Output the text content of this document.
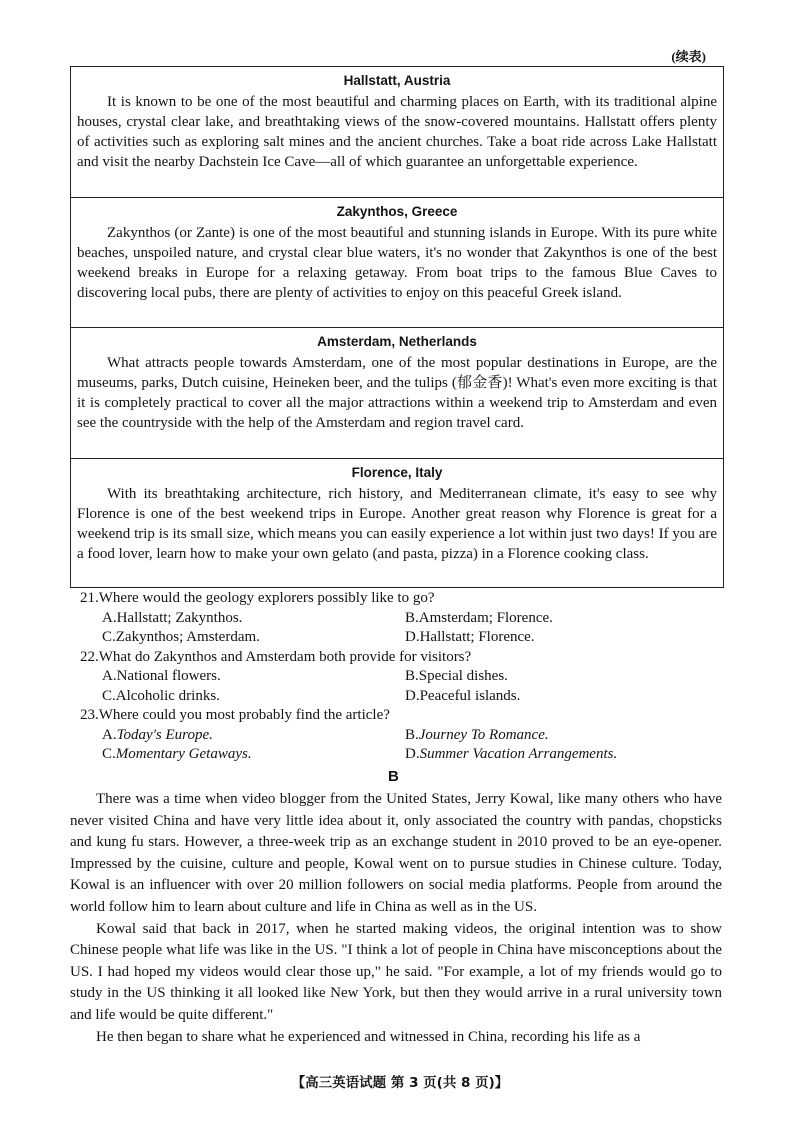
(续表)
Hallstatt, Austria

It is known to be one of the most beautiful and charming places on Earth, with its traditional alpine houses, crystal clear lake, and breathtaking views of the snow-covered mountains. Hallstatt offers plenty of activities such as exploring salt mines and the ancient churches. Take a boat ride across Lake Hallstatt and visit the nearby Dachstein Ice Cave—all of which guarantee an unforgettable experience.

Zakynthos, Greece

Zakynthos (or Zante) is one of the most beautiful and stunning islands in Europe. With its pure white beaches, unspoiled nature, and crystal clear blue waters, it's no wonder that Zakynthos is one of the best weekend breaks in Europe for a relaxing getaway. From boat trips to the famous Blue Caves to discovering local pubs, there are plenty of activities to enjoy on this peaceful Greek island.

Amsterdam, Netherlands

What attracts people towards Amsterdam, one of the most popular destinations in Europe, are the museums, parks, Dutch cuisine, Heineken beer, and the tulips (郁金香)! What's even more exciting is that it is completely practical to cover all the major attractions within a weekend trip to Amsterdam and even see the countryside with the help of the Amsterdam and region travel card.

Florence, Italy

With its breathtaking architecture, rich history, and Mediterranean climate, it's easy to see why Florence is one of the best weekend trips in Europe. Another great reason why Florence is great for a weekend trip is its small size, which means you can easily experience a lot within just two days! If you are a food lover, learn how to make your own gelato (and pasta, pizza) in a Florence cooking class.

21.Where would the geology explorers possibly like to go?

A.Hallstatt; Zakynthos.	B.Amsterdam; Florence.
C.Zakynthos; Amsterdam.	D.Hallstatt; Florence.

22.What do Zakynthos and Amsterdam both provide for visitors?

A.National flowers.	B.Special dishes.
C.Alcoholic drinks.	D.Peaceful islands.

23.Where could you most probably find the article?

A.Today's Europe.	B.Journey To Romance.
C.Momentary Getaways.	D.Summer Vacation Arrangements.
B

There was a time when video blogger from the United States, Jerry Kowal, like many others who have never visited China and have very little idea about it, only associated the country with pandas, chopsticks and kung fu stars. However, a three-week trip as an exchange student in 2010 proved to be an eye-opener. Impressed by the cuisine, culture and people, Kowal went on to pursue studies in Chinese culture. Today, Kowal is an influencer with over 20 million followers on social media platforms. People from around the world follow him to learn about culture and life in China as well as in the US.

Kowal said that back in 2017, when he started making videos, the original intention was to show Chinese people what life was like in the US. "I think a lot of people in China have misconceptions about the US. I had hoped my videos would clear those up," he said. "For example, a lot of my friends would go to study in the US thinking it all looked like New York, but then they would arrive in a rural university town and life would be quite different."

He then began to share what he experienced and witnessed in China, recording his life as a

【高三英语试题 第 3 页(共 8 页)】
